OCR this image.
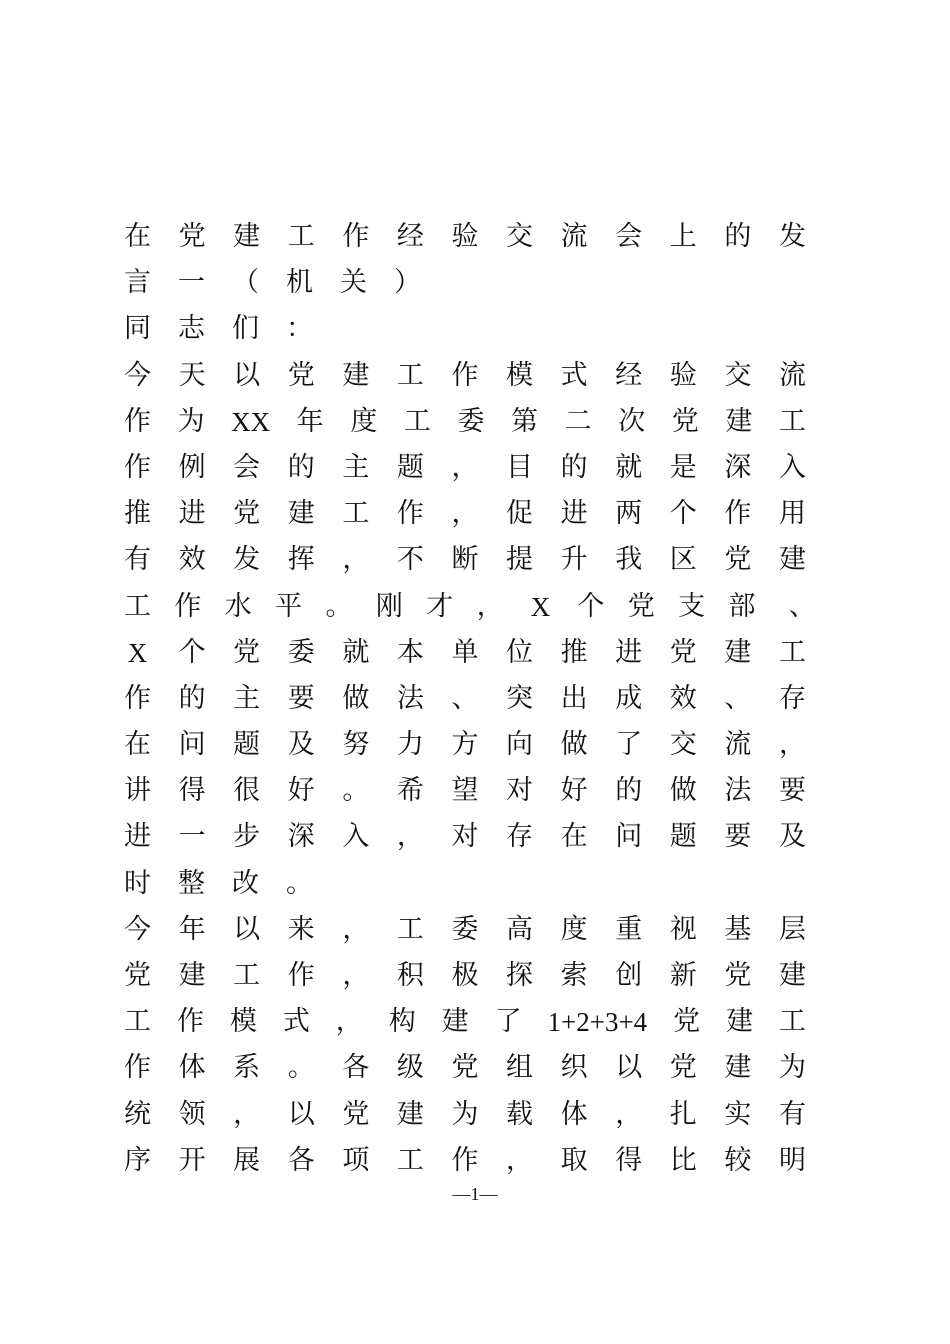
在 党 建 工 作 经 验 交 流 会 上 的 发
言 一 （ 机 关 ）
同 志 们 ：
今 天 以 党 建 工 作 模 式 经 验 交 流
作 为 XX 年 度 工 委 第 二 次 党 建 工
作 例 会 的 主 题 ， 目 的 就 是 深 入
推 进 党 建 工 作 ， 促 进 两 个 作 用
有 效 发 挥 ， 不 断 提 升 我 区 党 建
工 作 水 平 。 刚 才 ， X 个 党 支 部 、
X 个 党 委 就 本 单 位 推 进 党 建 工
作 的 主 要 做 法 、 突 出 成 效 、 存
在 问 题 及 努 力 方 向 做 了 交 流 ，
讲 得 很 好 。 希 望 对 好 的 做 法 要
进 一 步 深 入 ， 对 存 在 问 题 要 及
时 整 改 。
今 年 以 来 ， 工 委 高 度 重 视 基 层
党 建 工 作 ， 积 极 探 索 创 新 党 建
工 作 模 式 ， 构 建 了 1+2+3+4 党 建 工
作 体 系 。 各 级 党 组 织 以 党 建 为
统 领 ， 以 党 建 为 载 体 ， 扎 实 有
序 开 展 各 项 工 作 ， 取 得 比 较 明
—1—
